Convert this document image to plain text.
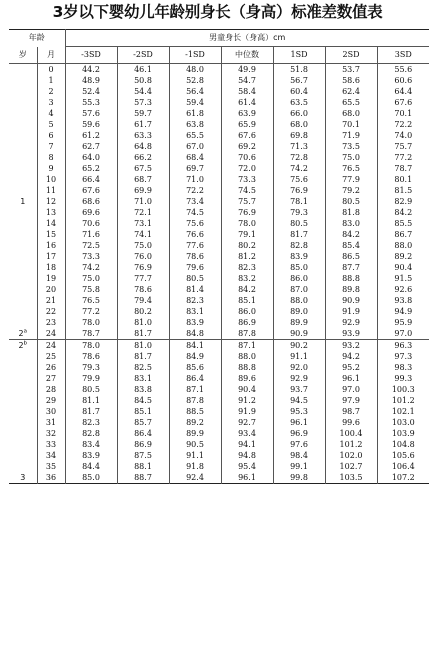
3岁以下婴幼儿年龄别身长（身高）标准差数值表
年龄		男童身长（身高）cm						
岁	月	-3SD	-2SD	-1SD	中位数	1SD	2SD	3SD
	0	44.2	46.1	48.0	49.9	51.8	53.7	55.6
	1	48.9	50.8	52.8	54.7	56.7	58.6	60.6
	2	52.4	54.4	56.4	58.4	60.4	62.4	64.4
	3	55.3	57.3	59.4	61.4	63.5	65.5	67.6
	4	57.6	59.7	61.8	63.9	66.0	68.0	70.1
	5	59.6	61.7	63.8	65.9	68.0	70.1	72.2
	6	61.2	63.3	65.5	67.6	69.8	71.9	74.0
	7	62.7	64.8	67.0	69.2	71.3	73.5	75.7
	8	64.0	66.2	68.4	70.6	72.8	75.0	77.2
	9	65.2	67.5	69.7	72.0	74.2	76.5	78.7
	10	66.4	68.7	71.0	73.3	75.6	77.9	80.1
	11	67.6	69.9	72.2	74.5	76.9	79.2	81.5
1	12	68.6	71.0	73.4	75.7	78.1	80.5	82.9
	13	69.6	72.1	74.5	76.9	79.3	81.8	84.2
	14	70.6	73.1	75.6	78.0	80.5	83.0	85.5
	15	71.6	74.1	76.6	79.1	81.7	84.2	86.7
	16	72.5	75.0	77.6	80.2	82.8	85.4	88.0
	17	73.3	76.0	78.6	81.2	83.9	86.5	89.2
	18	74.2	76.9	79.6	82.3	85.0	87.7	90.4
	19	75.0	77.7	80.5	83.2	86.0	88.8	91.5
	20	75.8	78.6	81.4	84.2	87.0	89.8	92.6
	21	76.5	79.4	82.3	85.1	88.0	90.9	93.8
	22	77.2	80.2	83.1	86.0	89.0	91.9	94.9
	23	78.0	81.0	83.9	86.9	89.9	92.9	95.9
2$^a$	24	78.7	81.7	84.8	87.8	90.9	93.9	97.0
2$^b$	24	78.0	81.0	84.1	87.1	90.2	93.2	96.3
	25	78.6	81.7	84.9	88.0	91.1	94.2	97.3
	26	79.3	82.5	85.6	88.8	92.0	95.2	98.3
	27	79.9	83.1	86.4	89.6	92.9	96.1	99.3
	28	80.5	83.8	87.1	90.4	93.7	97.0	100.3
	29	81.1	84.5	87.8	91.2	94.5	97.9	101.2
	30	81.7	85.1	88.5	91.9	95.3	98.7	102.1
	31	82.3	85.7	89.2	92.7	96.1	99.6	103.0
	32	82.8	86.4	89.9	93.4	96.9	100.4	103.9
	33	83.4	86.9	90.5	94.1	97.6	101.2	104.8
	34	83.9	87.5	91.1	94.8	98.4	102.0	105.6
	35	84.4	88.1	91.8	95.4	99.1	102.7	106.4
3	36	85.0	88.7	92.4	96.1	99.8	103.5	107.2
